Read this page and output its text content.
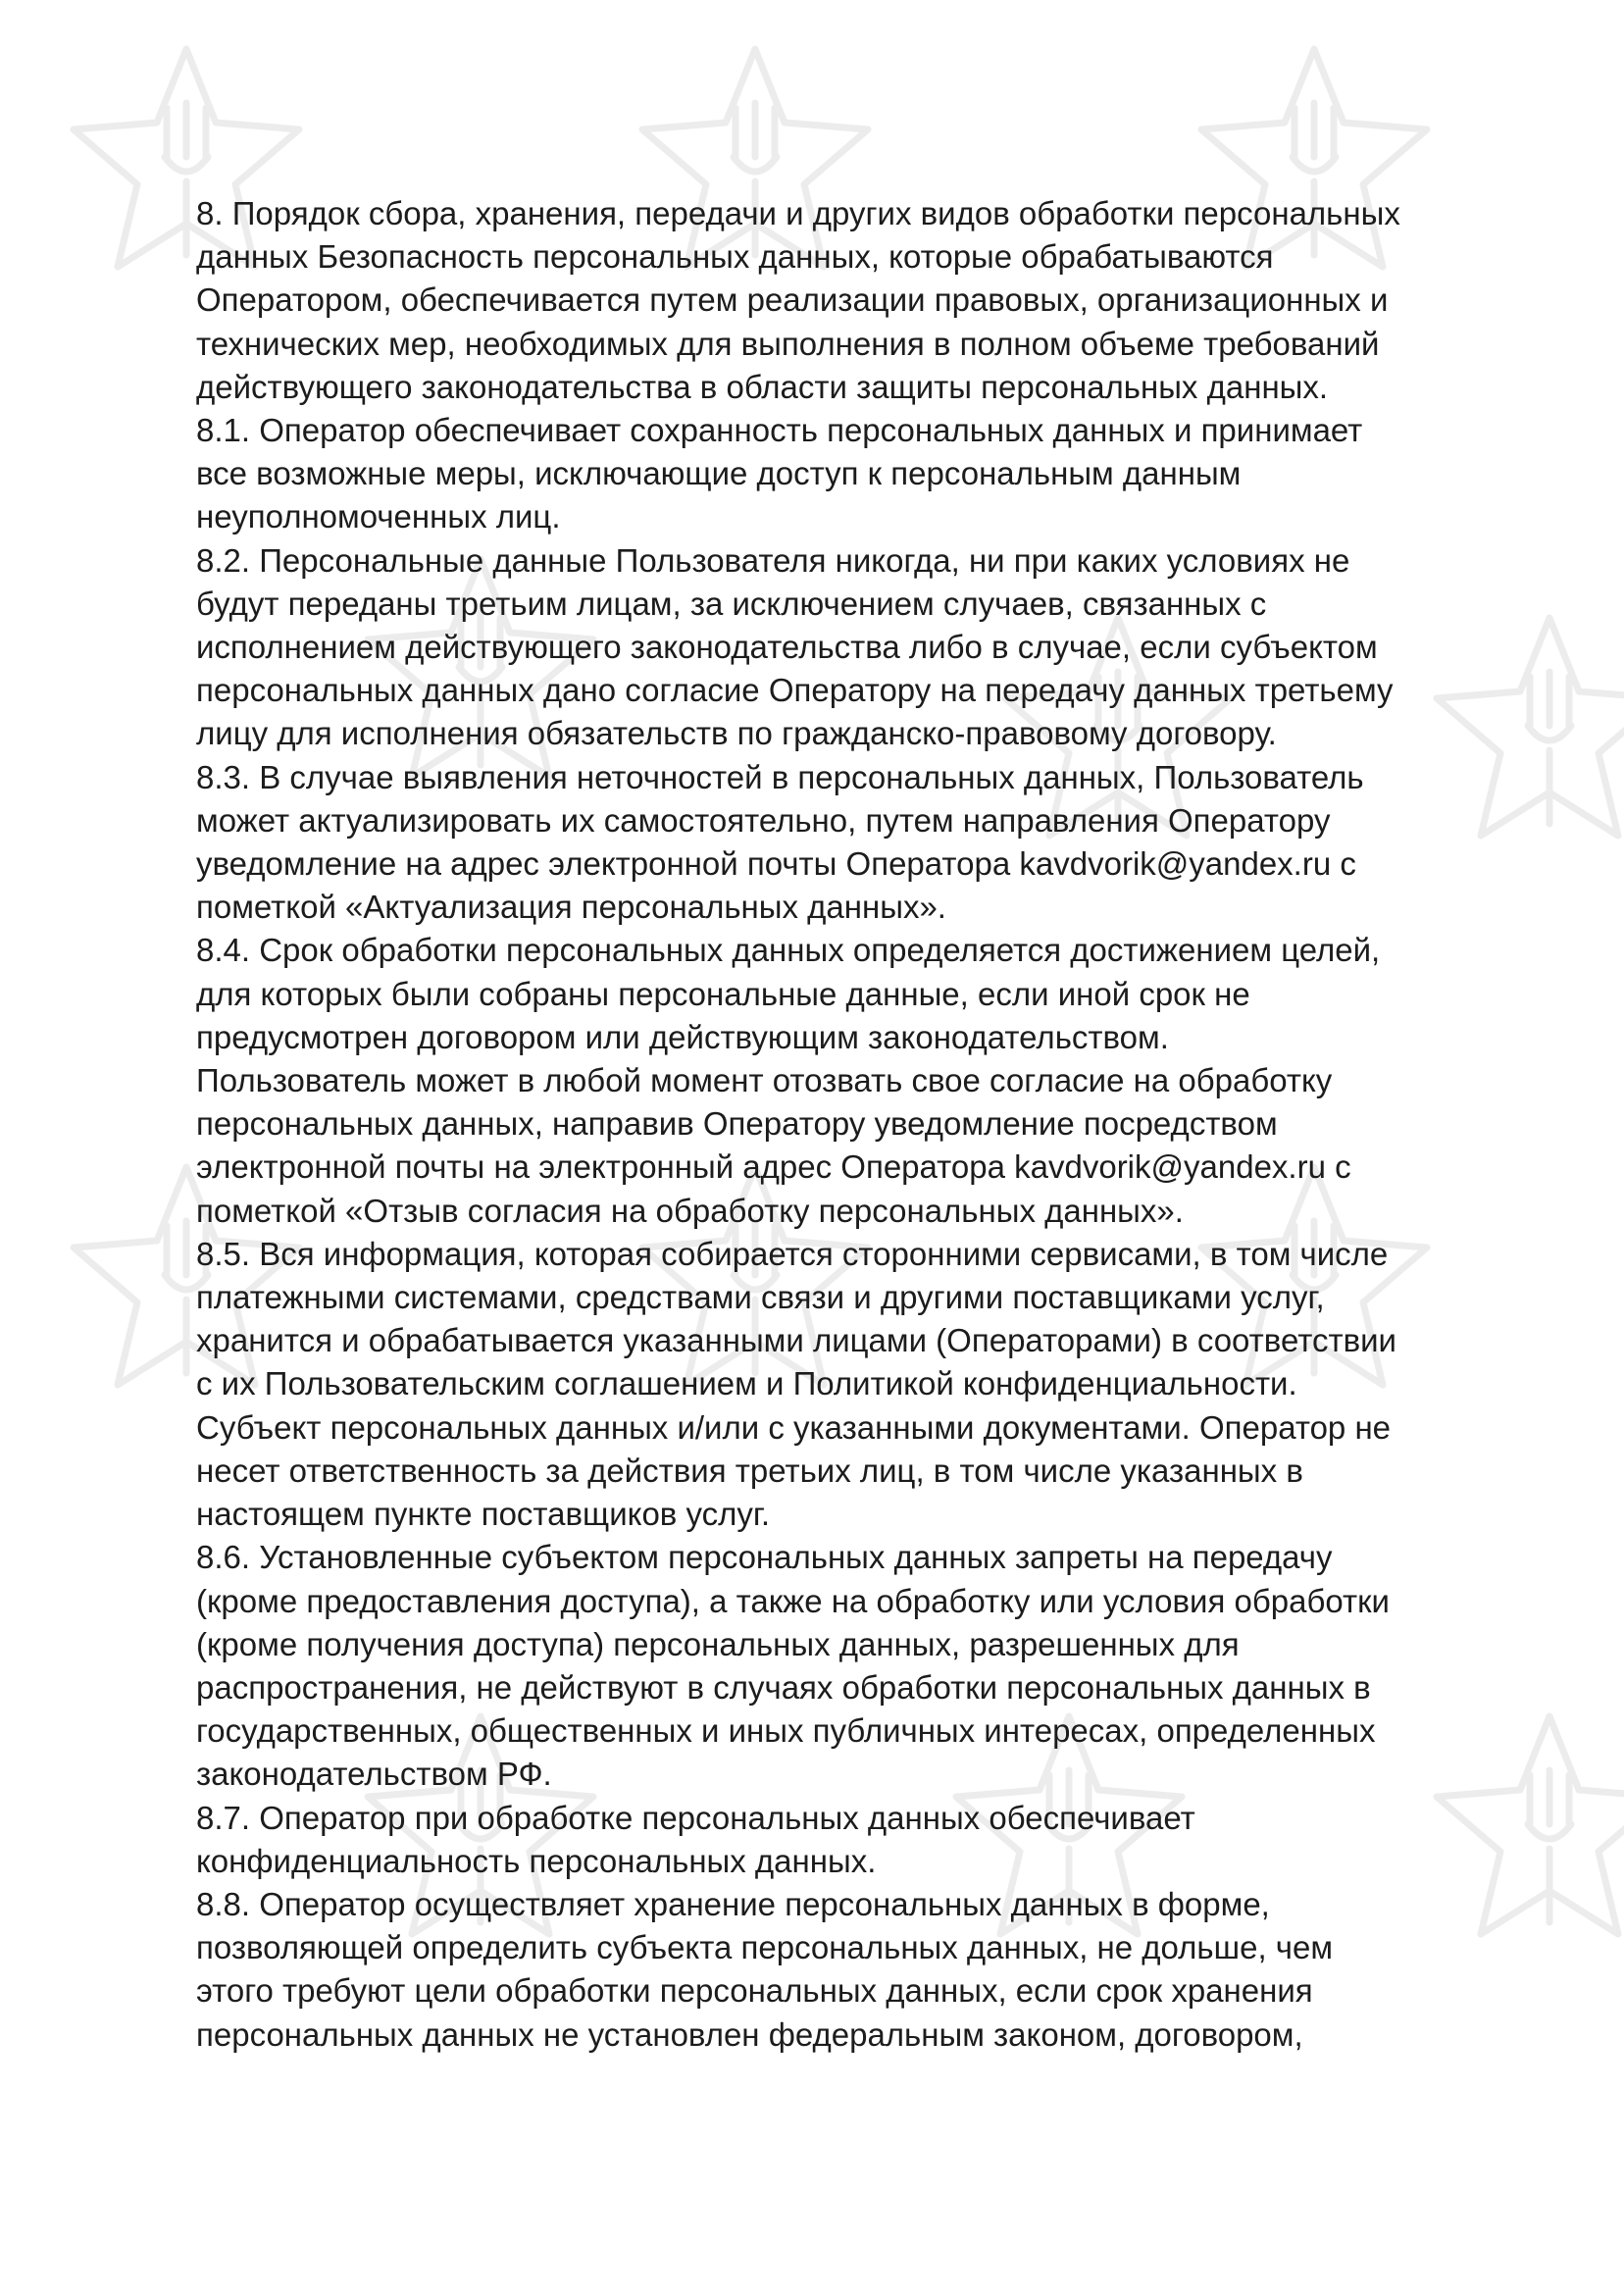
8. Порядок сбора, хранения, передачи и других видов обработки персональных
данных Безопасность персональных данных, которые обрабатываются
Оператором, обеспечивается путем реализации правовых, организационных и
технических мер, необходимых для выполнения в полном объеме требований
действующего законодательства в области защиты персональных данных.
8.1. Оператор обеспечивает сохранность персональных данных и принимает
все возможные меры, исключающие доступ к персональным данным
неуполномоченных лиц.
8.2. Персональные данные Пользователя никогда, ни при каких условиях не
будут переданы третьим лицам, за исключением случаев, связанных с
исполнением действующего законодательства либо в случае, если субъектом
персональных данных дано согласие Оператору на передачу данных третьему
лицу для исполнения обязательств по гражданско-правовому договору.
8.3. В случае выявления неточностей в персональных данных, Пользователь
может актуализировать их самостоятельно, путем направления Оператору
уведомление на адрес электронной почты Оператора kavdvorik@yandex.ru с
пометкой «Актуализация персональных данных».
8.4. Срок обработки персональных данных определяется достижением целей,
для которых были собраны персональные данные, если иной срок не
предусмотрен договором или действующим законодательством.
Пользователь может в любой момент отозвать свое согласие на обработку
персональных данных, направив Оператору уведомление посредством
электронной почты на электронный адрес Оператора kavdvorik@yandex.ru с
пометкой «Отзыв согласия на обработку персональных данных».
8.5. Вся информация, которая собирается сторонними сервисами, в том числе
платежными системами, средствами связи и другими поставщиками услуг,
хранится и обрабатывается указанными лицами (Операторами) в соответствии
с их Пользовательским соглашением и Политикой конфиденциальности.
Субъект персональных данных и/или с указанными документами. Оператор не
несет ответственность за действия третьих лиц, в том числе указанных в
настоящем пункте поставщиков услуг.
8.6. Установленные субъектом персональных данных запреты на передачу
(кроме предоставления доступа), а также на обработку или условия обработки
(кроме получения доступа) персональных данных, разрешенных для
распространения, не действуют в случаях обработки персональных данных в
государственных, общественных и иных публичных интересах, определенных
законодательством РФ.
8.7. Оператор при обработке персональных данных обеспечивает
конфиденциальность персональных данных.
8.8. Оператор осуществляет хранение персональных данных в форме,
позволяющей определить субъекта персональных данных, не дольше, чем
этого требуют цели обработки персональных данных, если срок хранения
персональных данных не установлен федеральным законом, договором,
